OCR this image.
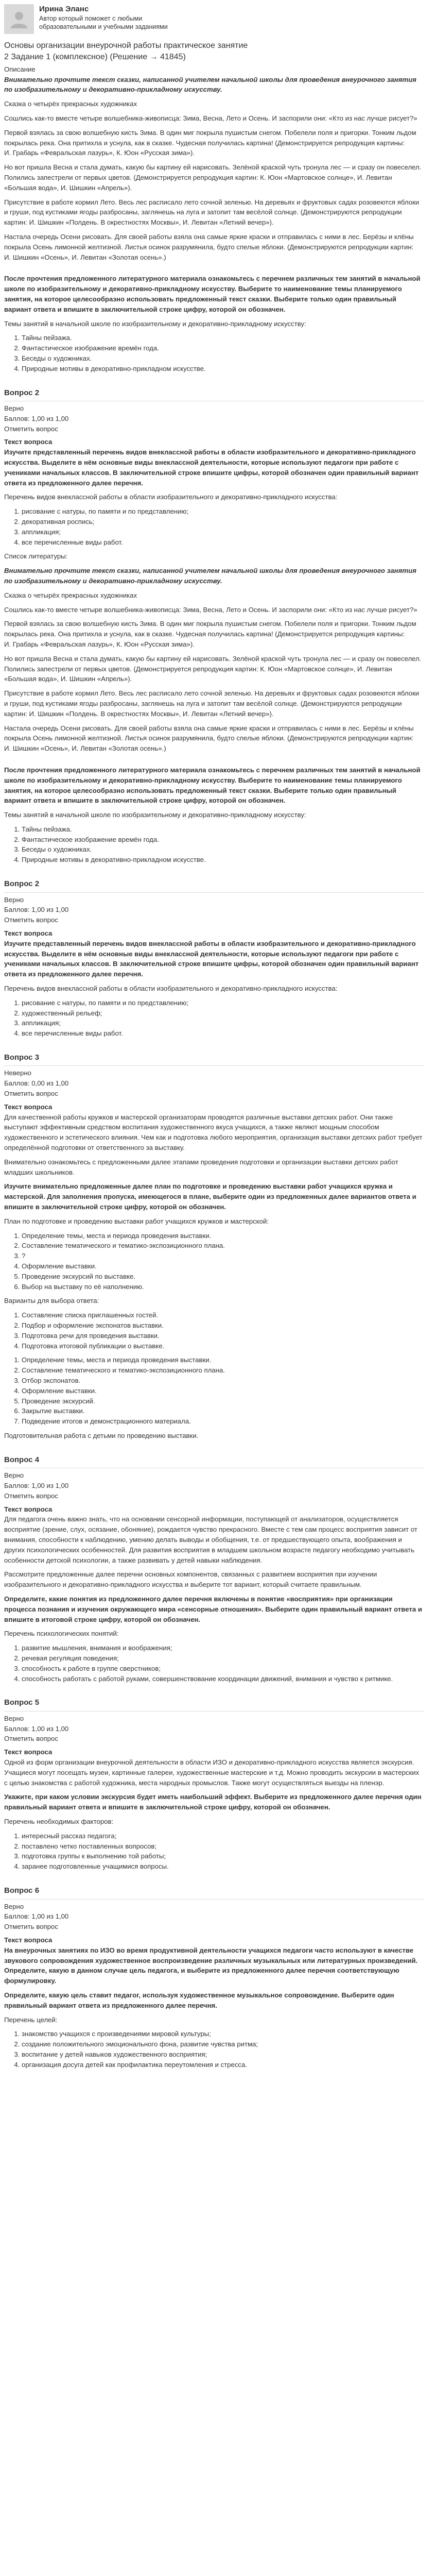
Ирина Эланс
Автор который поможет с любыми образовательными и учебными заданиями
Основы организации внеурочной работы практическое занятие
2 Задание 1 (комплексное) (Решение → 41845)
Описание

Внимательно прочтите текст сказки, написанной учителем начальной школы для проведения внеурочного занятия по изобразительному и декоративно-прикладному искусству.

Сказка о четырёх прекрасных художниках

Сошлись как-то вместе четыре волшебника-живописца: Зима, Весна, Лето и Осень. И заспорили они: «Кто из нас лучше рисует?»

Первой взялась за свою волшебную кисть Зима. В один миг покрыла пушистым снегом. Побелели поля и пригорки. Тонким льдом покрылась река. Она притихла и уснула, как в сказке. Чудесная получилась картина! (Демонстрируется репродукция картины: И. Грабарь «Февральская лазурь», К. Юон «Русская зима»).

Но вот пришла Весна и стала думать, какую бы картину ей нарисовать. Зелёной краской чуть тронула лес — и сразу он повеселел. Полились запестрели от первых цветов. (Демонстрируется репродукция картин: К. Юон «Мартовское солнце», И. Левитан «Большая вода», И. Шишкин «Апрель»).

Присутствие в работе кормил Лето. Весь лес расписало лето сочной зеленью. На деревьях и фруктовых садах розовеются яблоки и груши, под кустиками ягоды разбросаны, заглянешь на луга и затопит там весёлой солнце. (Демонстрируются репродукции картин: И. Шишкин «Полдень. В окрестностях Москвы», И. Левитан «Летний вечер»).

Настала очередь Осени рисовать. Для своей работы взяла она самые яркие краски и отправилась с ними в лес. Берёзы и клёны покрыла Осень лимонной желтизной. Листья осинок разрумянила, будто спелые яблоки. (Демонстрируются репродукции картин: И. Шишкин «Осень», И. Левитан «Золотая осень».)

После прочтения предложенного литературного материала ознакомьтесь с перечнем различных тем занятий в начальной школе по изобразительному и декоративно-прикладному искусству. Выберите то наименование темы планируемого занятия, на которое целесообразно использовать предложенный текст сказки. Выберите только один правильный вариант ответа и впишите в заключительной строке цифру, которой он обозначен.

Темы занятий в начальной школе по изобразительному и декоративно-прикладному искусству:

1. Тайны пейзажа.
2. Фантастическое изображение времён года.
3. Беседы о художниках.
4. Природные мотивы в декоративно-прикладном искусстве.
Вопрос 2
Верно
Баллов: 1,00 из 1,00
Отметить вопрос
Текст вопроса

Изучите представленный перечень видов внеклассной работы в области изобразительного и декоративно-прикладного искусства. Выделите в нём основные виды внеклассной деятельности, которые используют педагоги при работе с учениками начальных классов. В заключительной строке впишите цифры, которой обозначен один правильный вариант ответа из предложенного далее перечня.

Перечень видов внеклассной работы в области изобразительного и декоративно-прикладного искусства:

1. рисование с натуры, по памяти и по представлению;
2. декоративная роспись;
3. аппликация;
4. все перечисленные виды работ.

Список литературы:

Внимательно прочтите текст сказки, написанной учителем начальной школы для проведения внеурочного занятия по изобразительному и декоративно-прикладному искусству.

Сказка о четырёх прекрасных художниках

Сошлись как-то вместе четыре волшебника-живописца: Зима, Весна, Лето и Осень. И заспорили они: «Кто из нас лучше рисует?»

Первой взялась за свою волшебную кисть Зима. В один миг покрыла пушистым снегом. Побелели поля и пригорки. Тонким льдом покрылась река. Она притихла и уснула, как в сказке. Чудесная получилась картина! (Демонстрируется репродукция картины: И. Грабарь «Февральская лазурь», К. Юон «Русская зима»).

Но вот пришла Весна и стала думать, какую бы картину ей нарисовать. Зелёной краской чуть тронула лес — и сразу он повеселел. Полились запестрели от первых цветов. (Демонстрируется репродукция картин: К. Юон «Мартовское солнце», И. Левитан «Большая вода», И. Шишкин «Апрель»).

Присутствие в работе кормил Лето. Весь лес расписало лето сочной зеленью. На деревьях и фруктовых садах розовеются яблоки и груши, под кустиками ягоды разбросаны, заглянешь на луга и затопит там весёлой солнце. (Демонстрируются репродукции картин: И. Шишкин «Полдень. В окрестностях Москвы», И. Левитан «Летний вечер»).

Настала очередь Осени рисовать. Для своей работы взяла она самые яркие краски и отправилась с ними в лес. Берёзы и клёны покрыла Осень лимонной желтизной. Листья осинок разрумянила, будто спелые яблоки. (Демонстрируются репродукции картин: И. Шишкин «Осень», И. Левитан «Золотая осень».)

После прочтения предложенного литературного материала ознакомьтесь с перечнем различных тем занятий в начальной школе по изобразительному и декоративно-прикладному искусству. Выберите то наименование темы планируемого занятия, на которое целесообразно использовать предложенный текст сказки. Выберите только один правильный вариант ответа и впишите в заключительной строке цифру, которой он обозначен.

Темы занятий в начальной школе по изобразительному и декоративно-прикладному искусству:

1. Тайны пейзажа.
2. Фантастическое изображение времён года.
3. Беседы о художниках.
4. Природные мотивы в декоративно-прикладном искусстве.
Вопрос 2
Верно
Баллов: 1,00 из 1,00
Отметить вопрос
Текст вопроса

Изучите представленный перечень видов внеклассной работы в области изобразительного и декоративно-прикладного искусства. Выделите в нём основные виды внеклассной деятельности, которые используют педагоги при работе с учениками начальных классов. В заключительной строке впишите цифры, которой обозначен один правильный вариант ответа из предложенного далее перечня.

Перечень видов внеклассной работы в области изобразительного и декоративно-прикладного искусства:

1. рисование с натуры, по памяти и по представлению;
2. художественный рельеф;
3. аппликация;
4. все перечисленные виды работ.
Вопрос 3
Неверно
Баллов: 0,00 из 1,00
Отметить вопрос
Текст вопроса

Для качественной работы кружков и мастерской организаторам проводятся различные выставки детских работ. Они также выступают эффективным средством воспитания художественного вкуса учащихся, а также являют мощным способом художественного и эстетического влияния. Чем как и подготовка любого мероприятия, организация выставки детских работ требует определённой подготовки от ответственного за выставку.

Внимательно ознакомьтесь с предложенными далее этапами проведения подготовки и организации выставки детских работ младших школьников.

Изучите внимательно предложенные далее план по подготовке и проведению выставки работ учащихся кружка и мастерской. Для заполнения пропуска, имеющегося в плане, выберите один из предложенных далее вариантов ответа и впишите в заключительной строке цифру, которой он обозначен.

План по подготовке и проведению выставки работ учащихся кружков и мастерской:

1. Определение темы, места и периода проведения выставки.
2. Составление тематического и тематико-экспозиционного плана.
3. ?
4. Оформление выставки.
5. Проведение экскурсий по выставке.
6. Выбор на выставку по её наполнению.

Варианты для выбора ответа:

1. Составление списка приглашенных гостей.
2. Подбор и оформление экспонатов выставки.
3. Подготовка речи для проведения выставки.
4. Подготовка итоговой публикации о выставке.
1. Определение темы, места и периода проведения выставки.
2. Составление тематического и тематико-экспозиционного плана.
3. Отбор экспонатов.
4. Оформление выставки.
5. Проведение экскурсий.
6. Закрытие выставки.
7. Подведение итогов и демонстрационного материала.

Подготовительная работа с детьми по проведению выставки.

Вопрос 4
Верно
Баллов: 1,00 из 1,00
Отметить вопрос
Текст вопроса

Для педагога очень важно знать, что на основании сенсорной информации, поступающей от анализаторов, осуществляется восприятие (зрение, слух, осязание, обоняние), рождается чувство прекрасного. Вместе с тем сам процесс восприятия зависит от внимания, способности к наблюдению, умению делать выводы и обобщения, т.е. от предшествующего опыта, воображения и других психологических особенностей. Для развития восприятия в младшем школьном возрасте педагогу необходимо учитывать особенности детской психологии, а также развивать у детей навыки наблюдения.

Рассмотрите предложенные далее перечни основных компонентов, связанных с развитием восприятия при изучении изобразительного и декоративно-прикладного искусства и выберите тот вариант, который считаете правильным.

Определите, какие понятия из предложенного далее перечня включены в понятие «восприятия» при организации процесса познания и изучения окружающего мира «сенсорные отношения». Выберите один правильный вариант ответа и впишите в итоговой строке цифру, которой он обозначен.

Перечень психологических понятий:

1. развитие мышления, внимания и воображения;
2. речевая регуляция поведения;
3. способность к работе в группе сверстников;
4. способность работать с работой руками, совершенствование координации движений, внимания и чувство к ритмике.
Вопрос 5
Верно
Баллов: 1,00 из 1,00
Отметить вопрос
Текст вопроса

Одной из форм организации внеурочной деятельности в области ИЗО и декоративно-прикладного искусства является экскурсия. Учащиеся могут посещать музеи, картинные галереи, художественные мастерские и т.д. Можно проводить экскурсии в мастерских с целью знакомства с работой художника, места народных промыслов. Также могут осуществляться выезды на пленэр.

Укажите, при каком условии экскурсия будет иметь наибольший эффект. Выберите из предложенного далее перечня один правильный вариант ответа и впишите в заключительной строке цифру, которой он обозначен.

Перечень необходимых факторов:

1. интересный рассказ педагога;
2. поставлено четко поставленных вопросов;
3. подготовка группы к выполнению той работы;
4. заранее подготовленные учащимися вопросы.
Вопрос 6
Верно
Баллов: 1,00 из 1,00
Отметить вопрос
Текст вопроса

На внеурочных занятиях по ИЗО во время продуктивной деятельности учащихся педагоги часто используют в качестве звукового сопровождения художественное воспроизведение различных музыкальных или литературных произведений. Определите, какую в данном случае цель педагога, и выберите из предложенного далее перечня соответствующую формулировку.

Определите, какую цель ставит педагог, используя художественное музыкальное сопровождение. Выберите один правильный вариант ответа из предложенного далее перечня.

Перечень целей:

1. знакомство учащихся с произведениями мировой культуры;
2. создание положительного эмоционального фона, развитие чувства ритма;
3. воспитание у детей навыков художественного восприятия;
4. организация досуга детей как профилактика переутомления и стресса.
